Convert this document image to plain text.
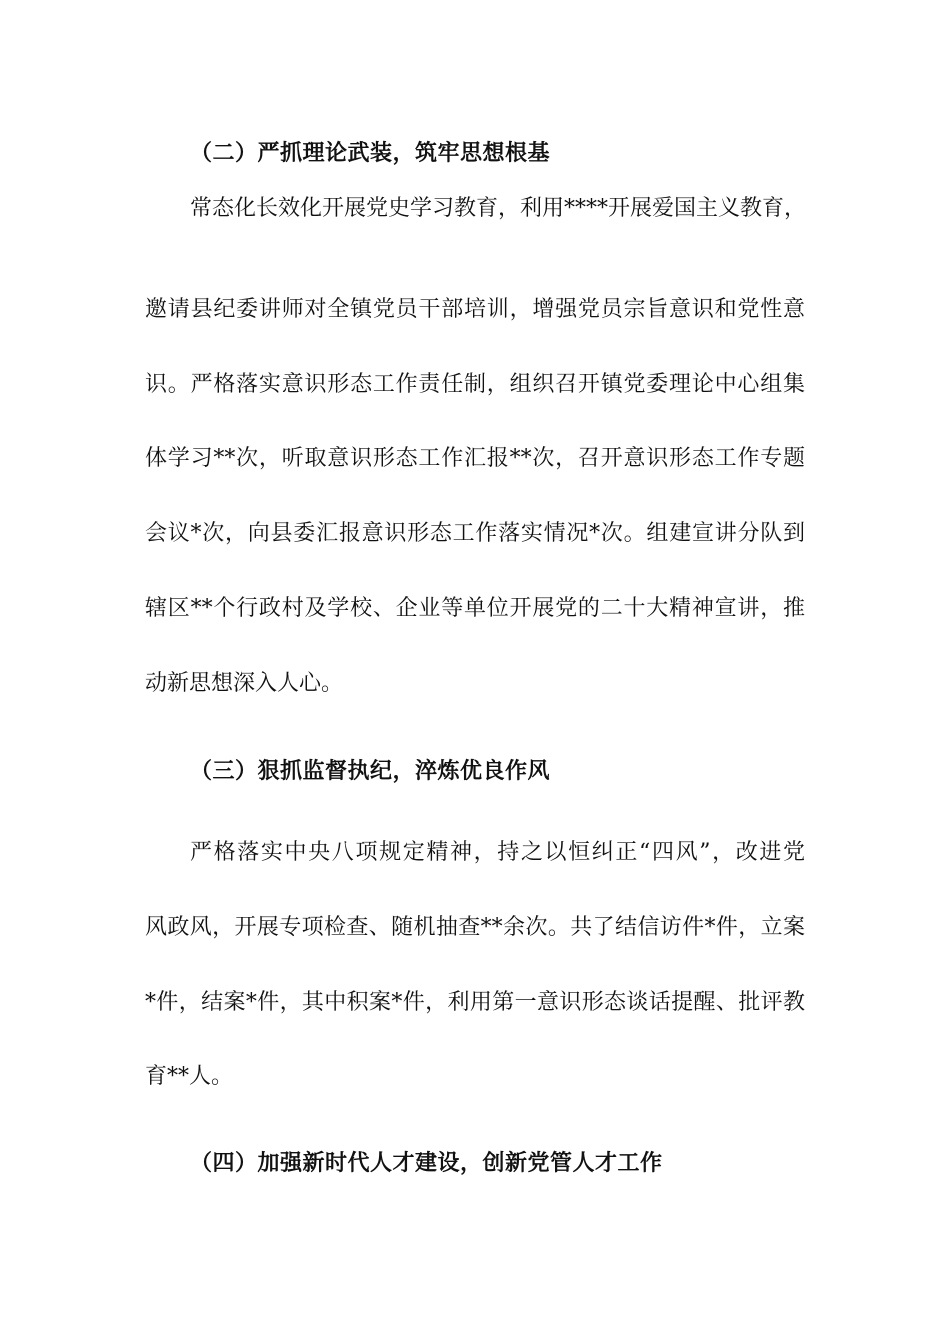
（二）严抓理论武装，筑牢思想根基
常态化长效化开展党史学习教育，利用****开展爱国主义教育，
邀请县纪委讲师对全镇党员干部培训，增强党员宗旨意识和党性意
识。严格落实意识形态工作责任制，组织召开镇党委理论中心组集
体学习**次，听取意识形态工作汇报**次，召开意识形态工作专题
会议*次，向县委汇报意识形态工作落实情况*次。组建宣讲分队到
辖区**个行政村及学校、企业等单位开展党的二十大精神宣讲，推
动新思想深入人心。
（三）狠抓监督执纪，淬炼优良作风
严格落实中央八项规定精神，持之以恒纠正“四风”，改进党
风政风，开展专项检查、随机抽查**余次。共了结信访件*件，立案
*件，结案*件，其中积案*件，利用第一意识形态谈话提醒、批评教
育**人。
（四）加强新时代人才建设，创新党管人才工作
